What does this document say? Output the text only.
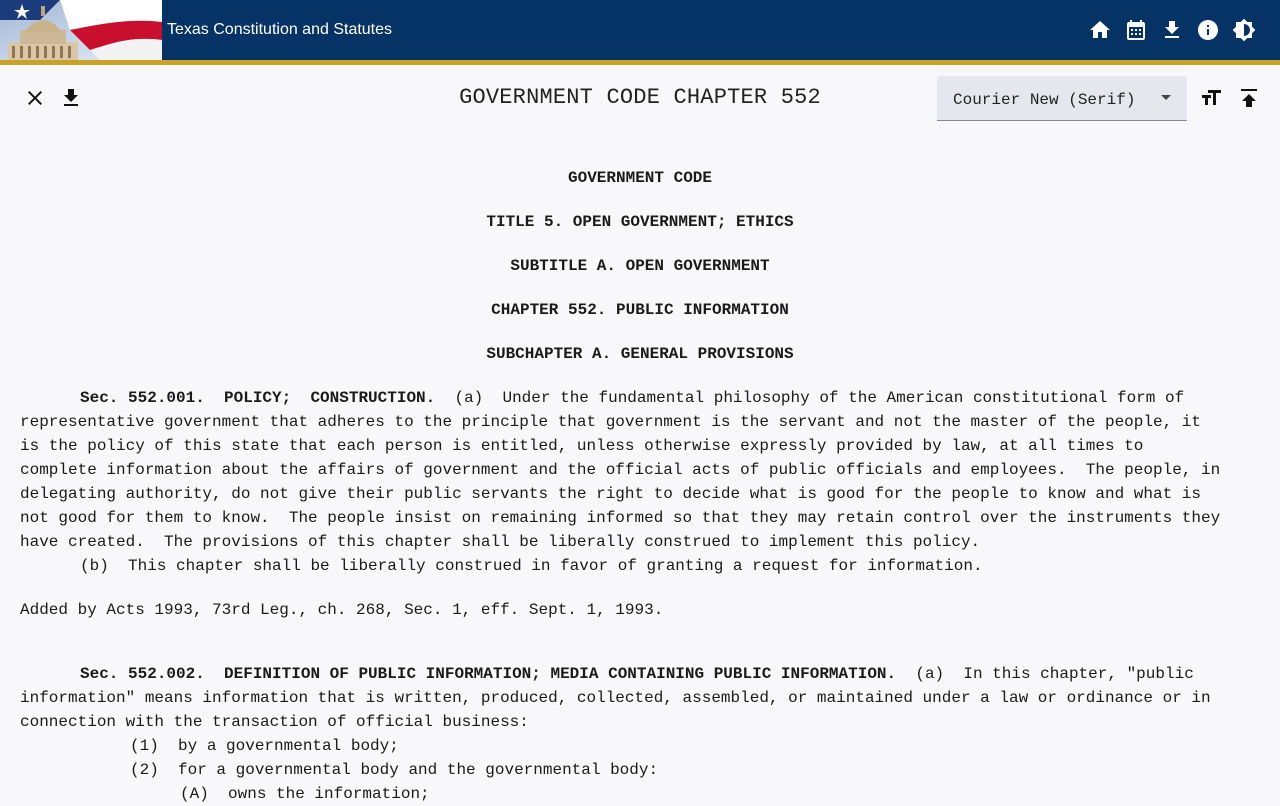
Texas Constitution and Statutes
GOVERNMENT CODE CHAPTER 552	Courier New (Serif)
GOVERNMENT CODE
TITLE 5. OPEN GOVERNMENT; ETHICS
SUBTITLE A. OPEN GOVERNMENT
CHAPTER 552. PUBLIC INFORMATION
SUBCHAPTER A. GENERAL PROVISIONS
Sec. 552.001.  POLICY;  CONSTRUCTION.  (a)  Under the fundamental philosophy of the American constitutional form of
representative government that adheres to the principle that government is the servant and not the master of the people, it
is the policy of this state that each person is entitled, unless otherwise expressly provided by law, at all times to
complete information about the affairs of government and the official acts of public officials and employees.  The people, in
delegating authority, do not give their public servants the right to decide what is good for the people to know and what is
not good for them to know.  The people insist on remaining informed so that they may retain control over the instruments they
have created.  The provisions of this chapter shall be liberally construed to implement this policy.
(b)  This chapter shall be liberally construed in favor of granting a request for information.
Added by Acts 1993, 73rd Leg., ch. 268, Sec. 1, eff. Sept. 1, 1993.
Sec. 552.002.  DEFINITION OF PUBLIC INFORMATION; MEDIA CONTAINING PUBLIC INFORMATION.  (a)  In this chapter, "public
information" means information that is written, produced, collected, assembled, or maintained under a law or ordinance or in
connection with the transaction of official business:
(1)  by a governmental body;
(2)  for a governmental body and the governmental body:
(A)  owns the information;
